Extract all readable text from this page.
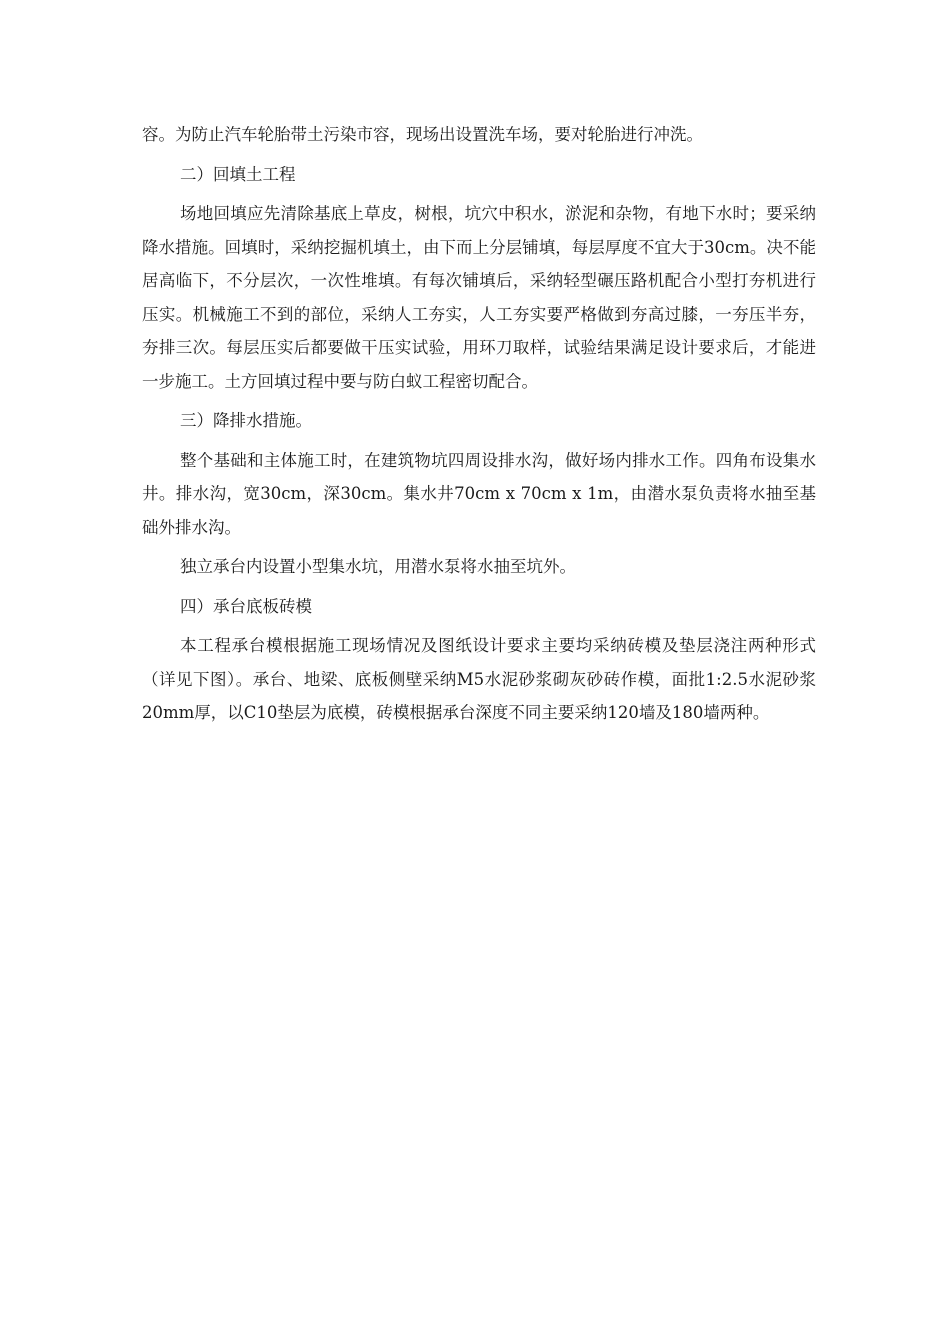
容。为防止汽车轮胎带土污染市容，现场出设置洗车场，要对轮胎进行冲洗。

二）回填土工程

场地回填应先清除基底上草皮，树根，坑穴中积水，淤泥和杂物，有地下水时；要采纳降水措施。回填时，采纳挖掘机填土，由下而上分层铺填，每层厚度不宜大于30cm。决不能居高临下，不分层次，一次性堆填。有每次铺填后，采纳轻型碾压路机配合小型打夯机进行压实。机械施工不到的部位，采纳人工夯实，人工夯实要严格做到夯高过膝，一夯压半夯，夯排三次。每层压实后都要做干压实试验，用环刀取样，试验结果满足设计要求后，才能进一步施工。土方回填过程中要与防白蚁工程密切配合。

三）降排水措施。

整个基础和主体施工时，在建筑物坑四周设排水沟，做好场内排水工作。四角布设集水井。排水沟，宽30cm，深30cm。集水井70cm x 70cm x 1m，由潜水泵负责将水抽至基础外排水沟。

独立承台内设置小型集水坑，用潜水泵将水抽至坑外。

四）承台底板砖模

本工程承台模根据施工现场情况及图纸设计要求主要均采纳砖模及垫层浇注两种形式（详见下图）。承台、地梁、底板侧壁采纳M5水泥砂浆砌灰砂砖作模，面批1:2.5水泥砂浆20mm厚，以C10垫层为底模，砖模根据承台深度不同主要采纳120墙及180墙两种。
